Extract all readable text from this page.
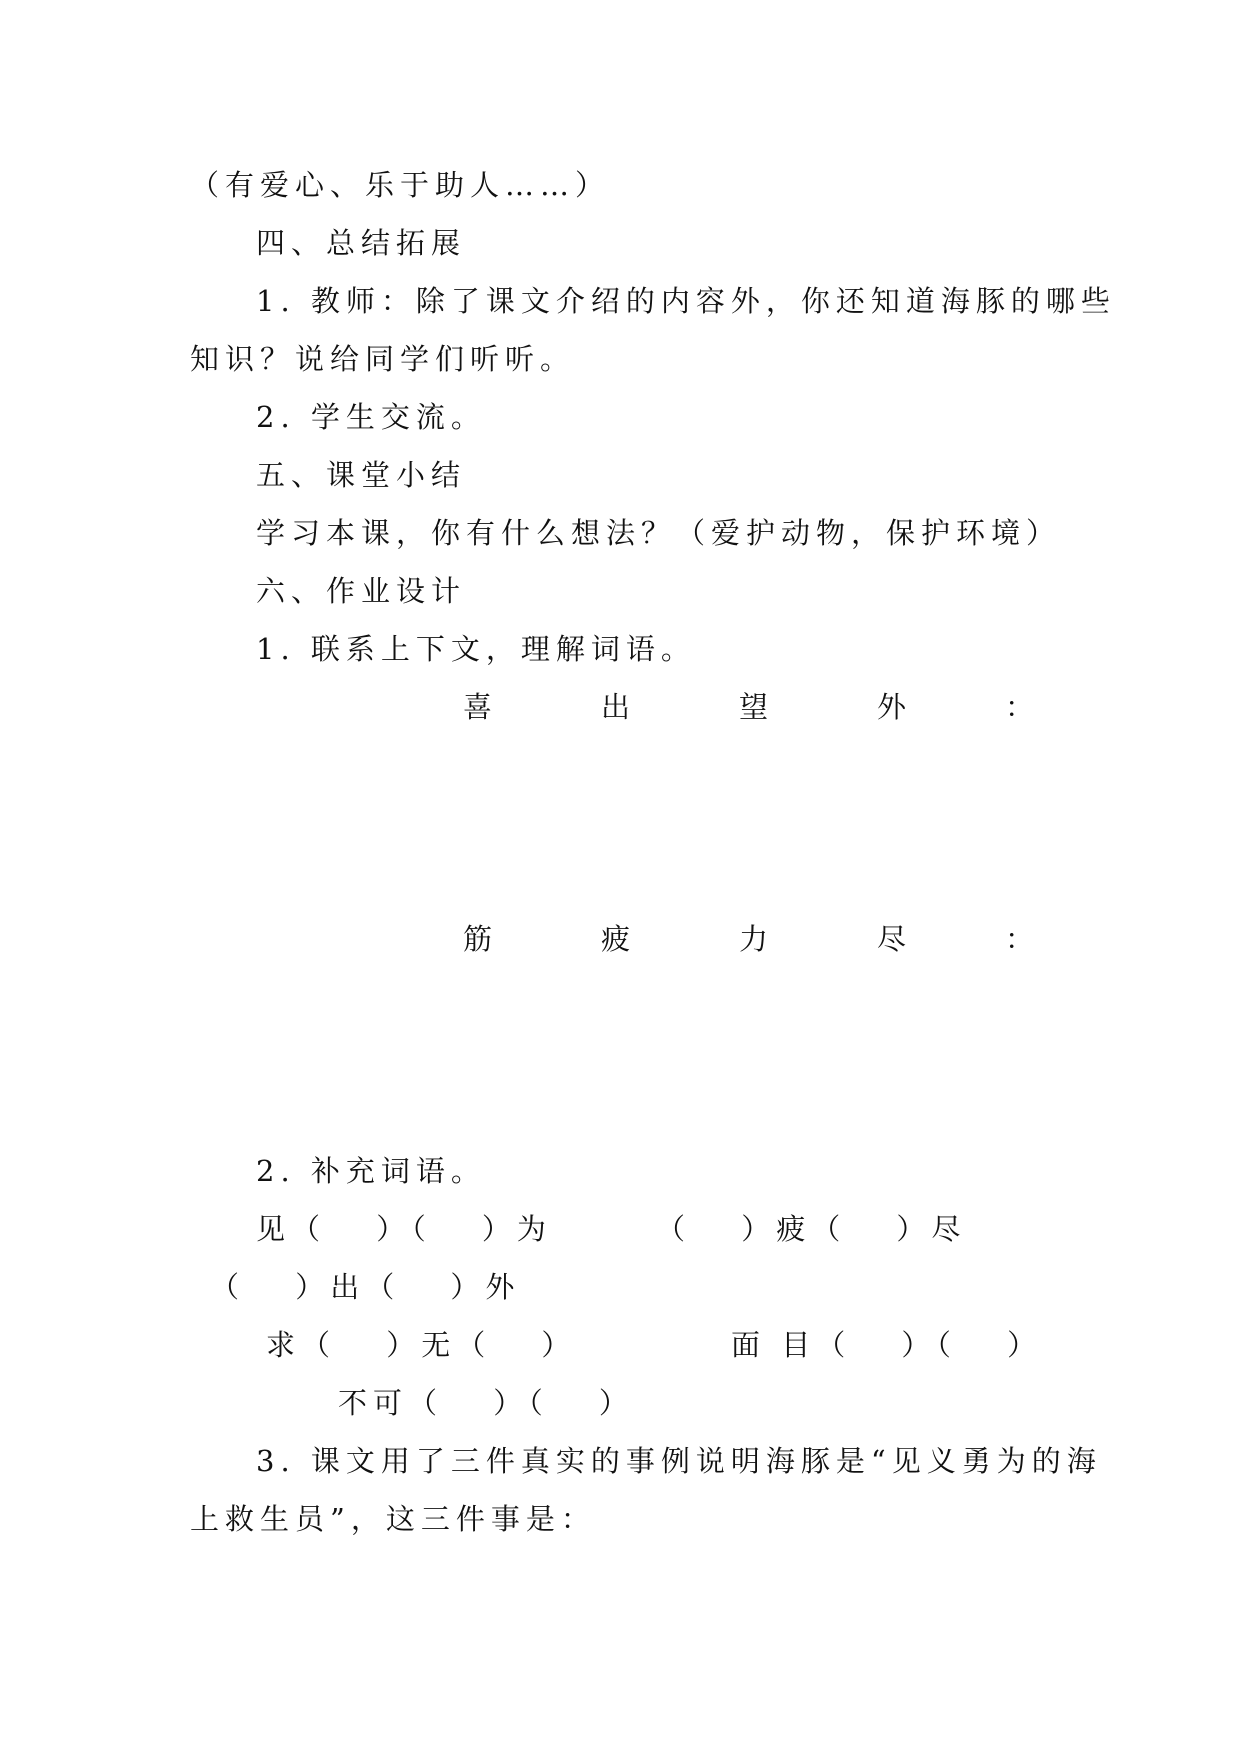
（有爱心、乐于助人……）
四、总结拓展
1. 教师：除了课文介绍的内容外，你还知道海豚的哪些
知识？说给同学们听听。
2. 学生交流。
五、课堂小结
学习本课，你有什么想法？（爱护动物，保护环境）
六、作业设计
1. 联系上下文，理解词语。
喜	出	望	外	：
筋	疲	力	尽	：
2. 补充词语。
见（　 ）（　 ）为	（　 ）疲（　 ）尽
（　 ）出（　 ）外
求（　 ）无（　 ）	面 目（　 ）（　 ）
不可（　 ）（　 ）
3. 课文用了三件真实的事例说明海豚是“见义勇为的海
上救生员”，这三件事是：
